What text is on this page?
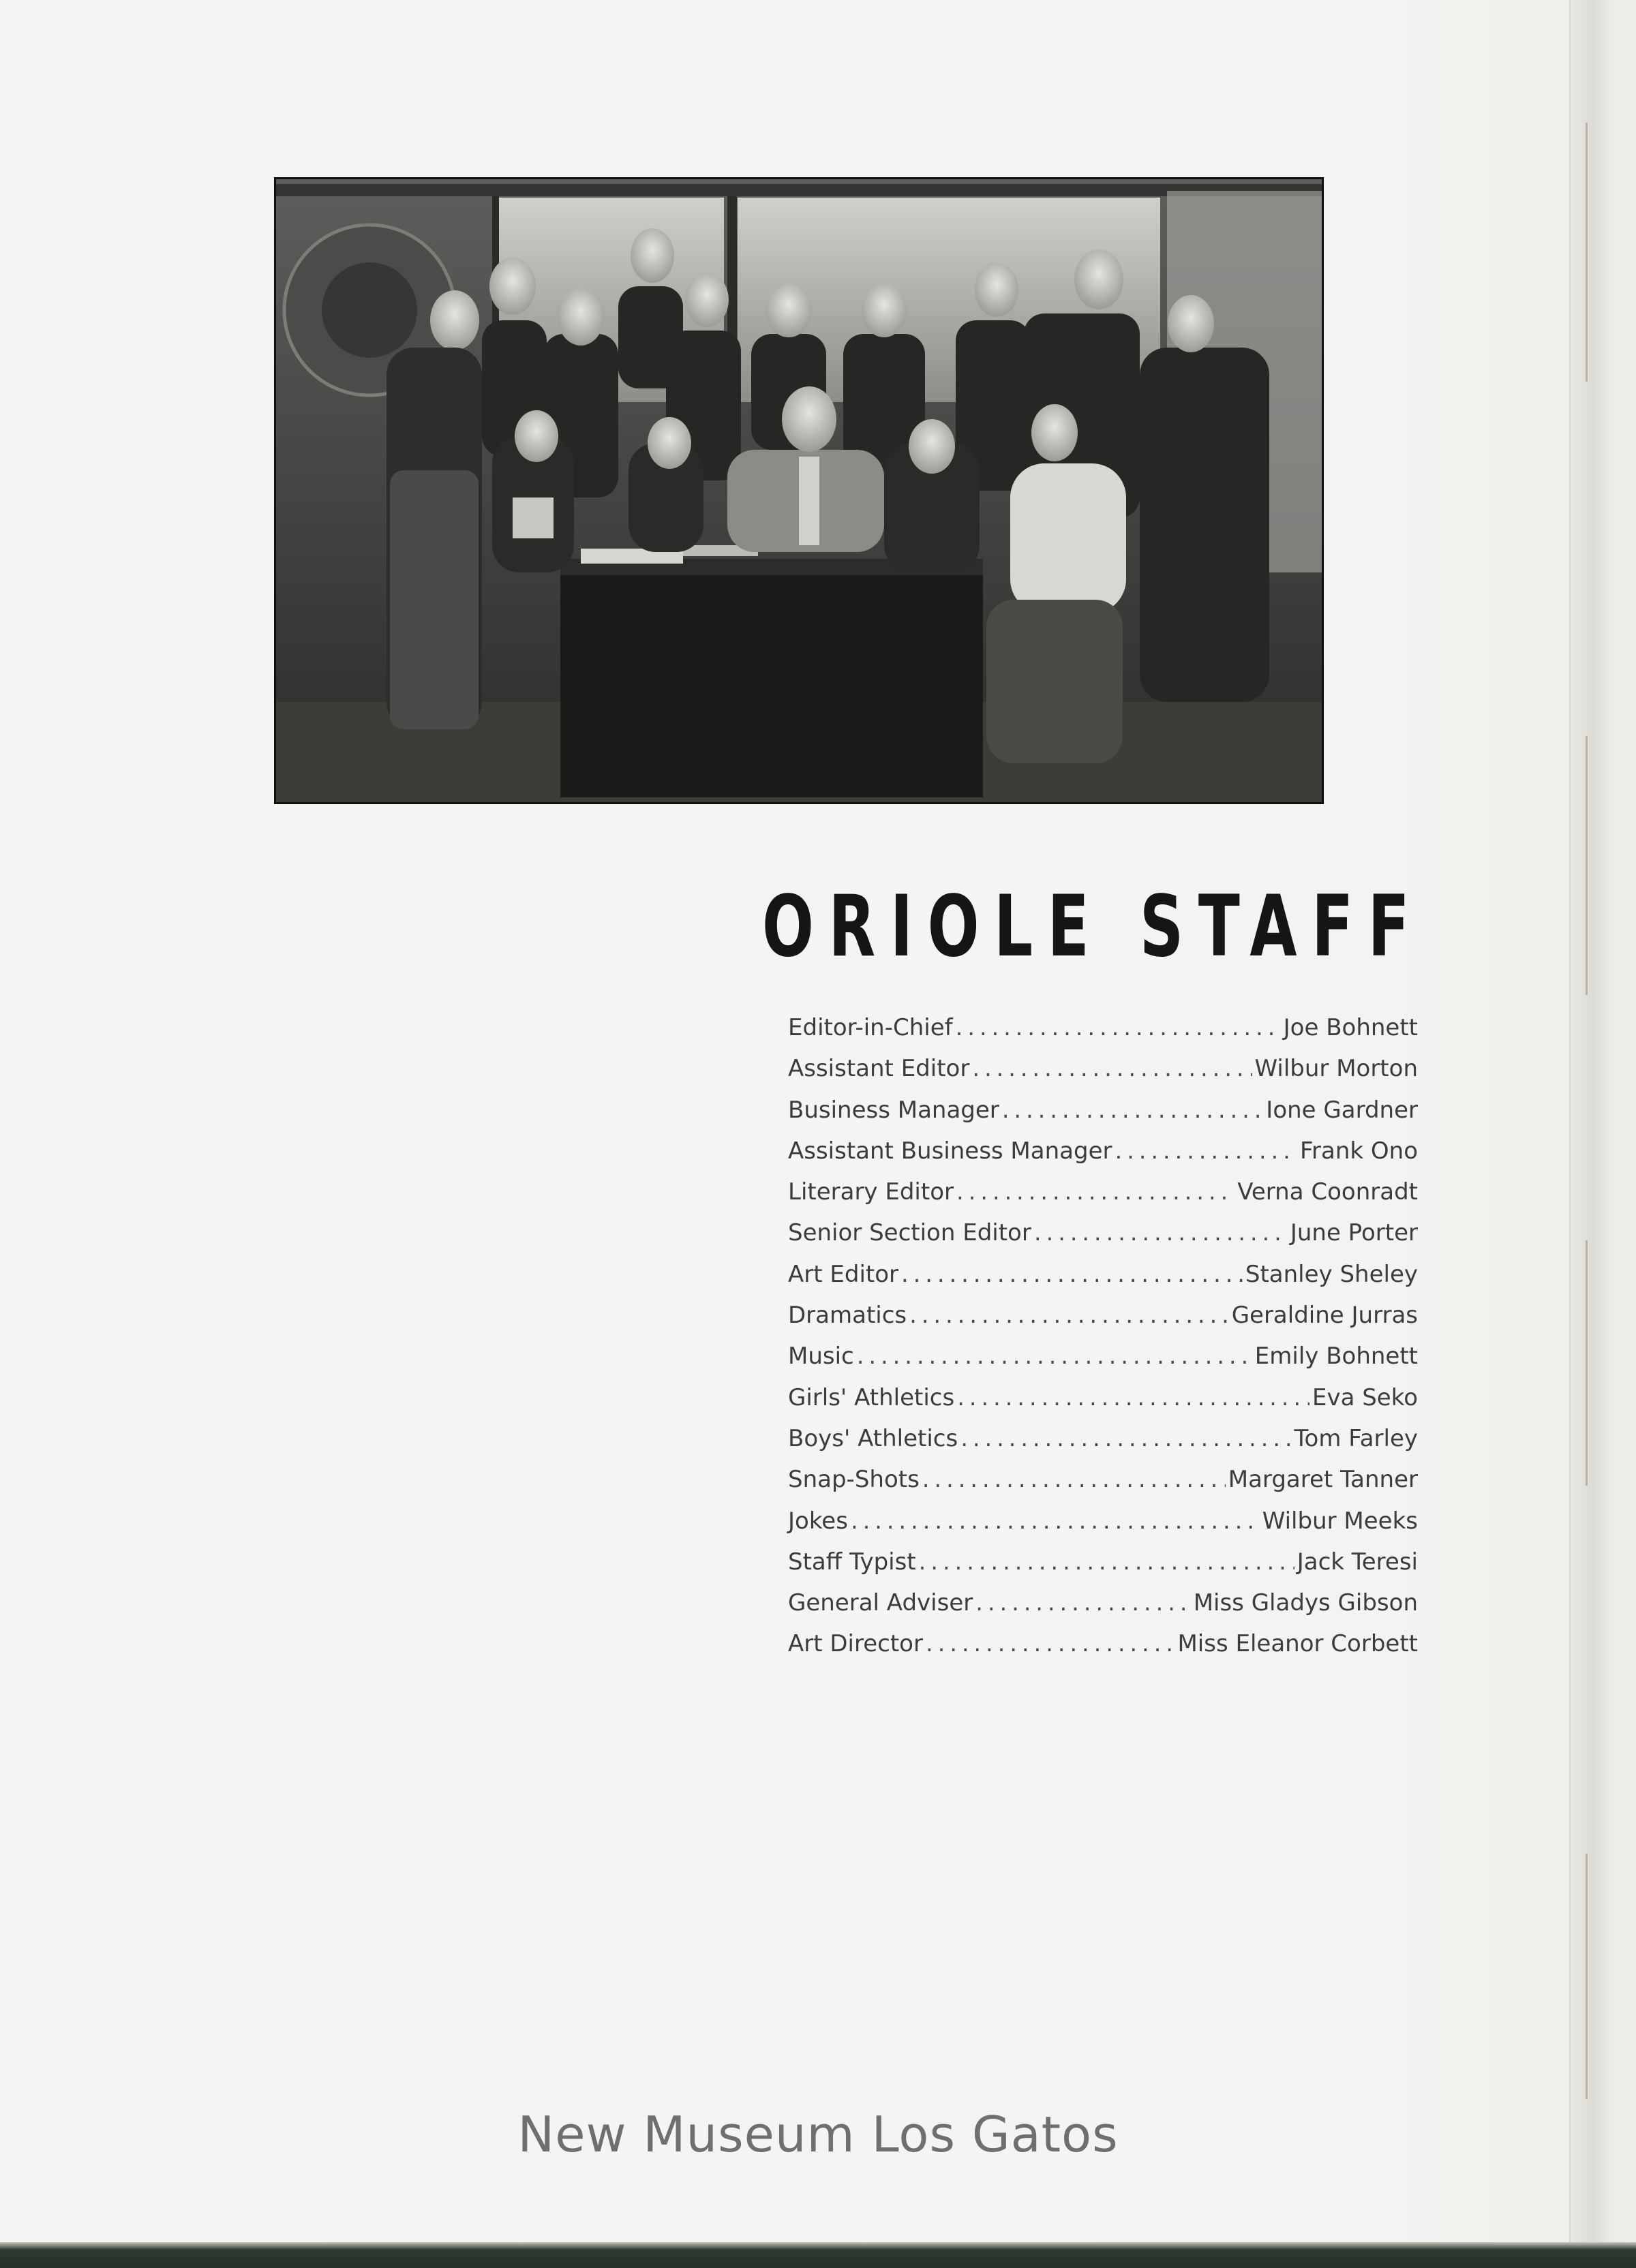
ORIOLE STAFF
Editor-in-Chief . . .	Joe Bohnett
Assistant Editor . . .	Wilbur Morton
Business Manager . . .	Ione Gardner
Assistant Business Manager . . .	Frank Ono
Literary Editor . . .	Verna Coonradt
Senior Section Editor . . .	June Porter
Art Editor . . .	Stanley Sheley
Dramatics . . .	Geraldine Jurras
Music . . .	Emily Bohnett
Girls' Athletics . . .	Eva Seko
Boys' Athletics . . .	Tom Farley
Snap-Shots . . .	Margaret Tanner
Jokes . . .	Wilbur Meeks
Staff Typist . . .	Jack Teresi
General Adviser . . .	Miss Gladys Gibson
Art Director . . .	Miss Eleanor Corbett
New Museum Los Gatos
